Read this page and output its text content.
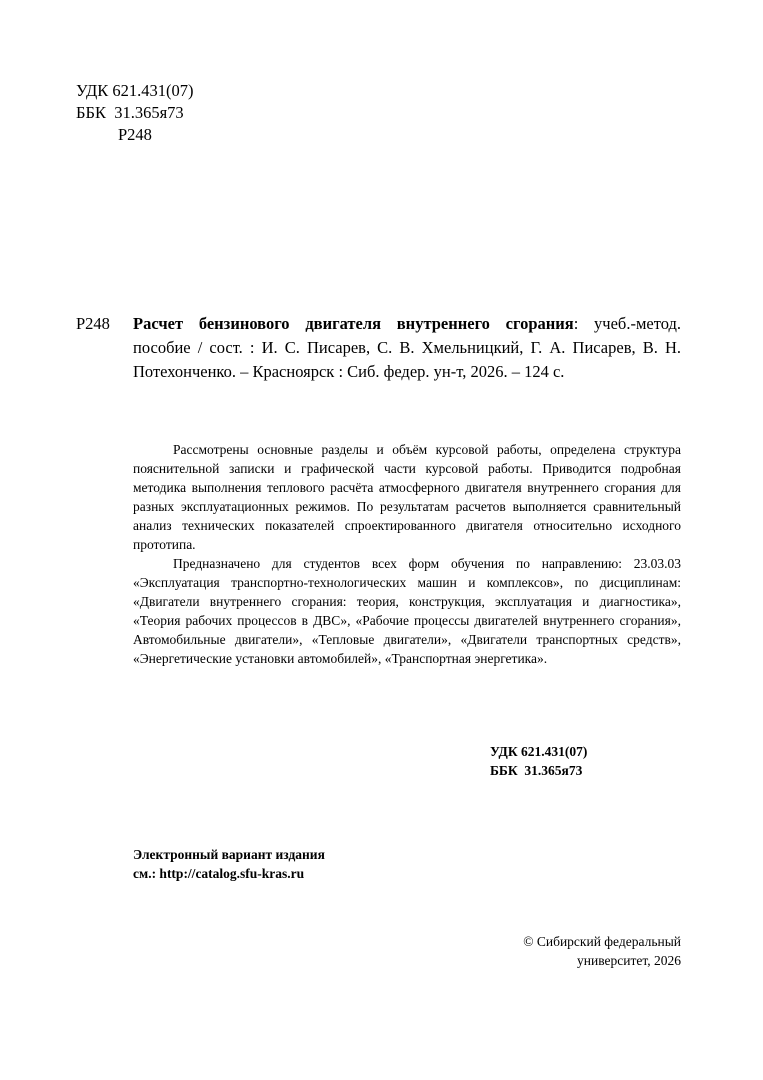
УДК 621.431(07)
ББК  31.365я73
Р248
Р248 Расчет бензинового двигателя внутреннего сгорания: учеб.-метод. пособие / сост. : И. С. Писарев, С. В. Хмельницкий, Г. А. Писарев, В. Н. Потехонченко. – Красноярск : Сиб. федер. ун-т, 2026. – 124 с.

Рассмотрены основные разделы и объём курсовой работы, определена структура пояснительной записки и графической части курсовой работы. Приводится подробная методика выполнения теплового расчёта атмосферного двигателя внутреннего сгорания для разных эксплуатационных режимов. По результатам расчетов выполняется сравнительный анализ технических показателей спроектированного двигателя относительно исходного прототипа.

Предназначено для студентов всех форм обучения по направлению: 23.03.03 «Эксплуатация транспортно-технологических машин и комплексов», по дисциплинам: «Двигатели внутреннего сгорания: теория, конструкция, эксплуатация и диагностика», «Теория рабочих процессов в ДВС», «Рабочие процессы двигателей внутреннего сгорания», Автомобильные двигатели», «Тепловые двигатели», «Двигатели транспортных средств», «Энергетические установки автомобилей», «Транспортная энергетика».

УДК 621.431(07)
ББК  31.365я73
Электронный вариант издания
см.: http://catalog.sfu-kras.ru
© Сибирский федеральный
университет, 2026
